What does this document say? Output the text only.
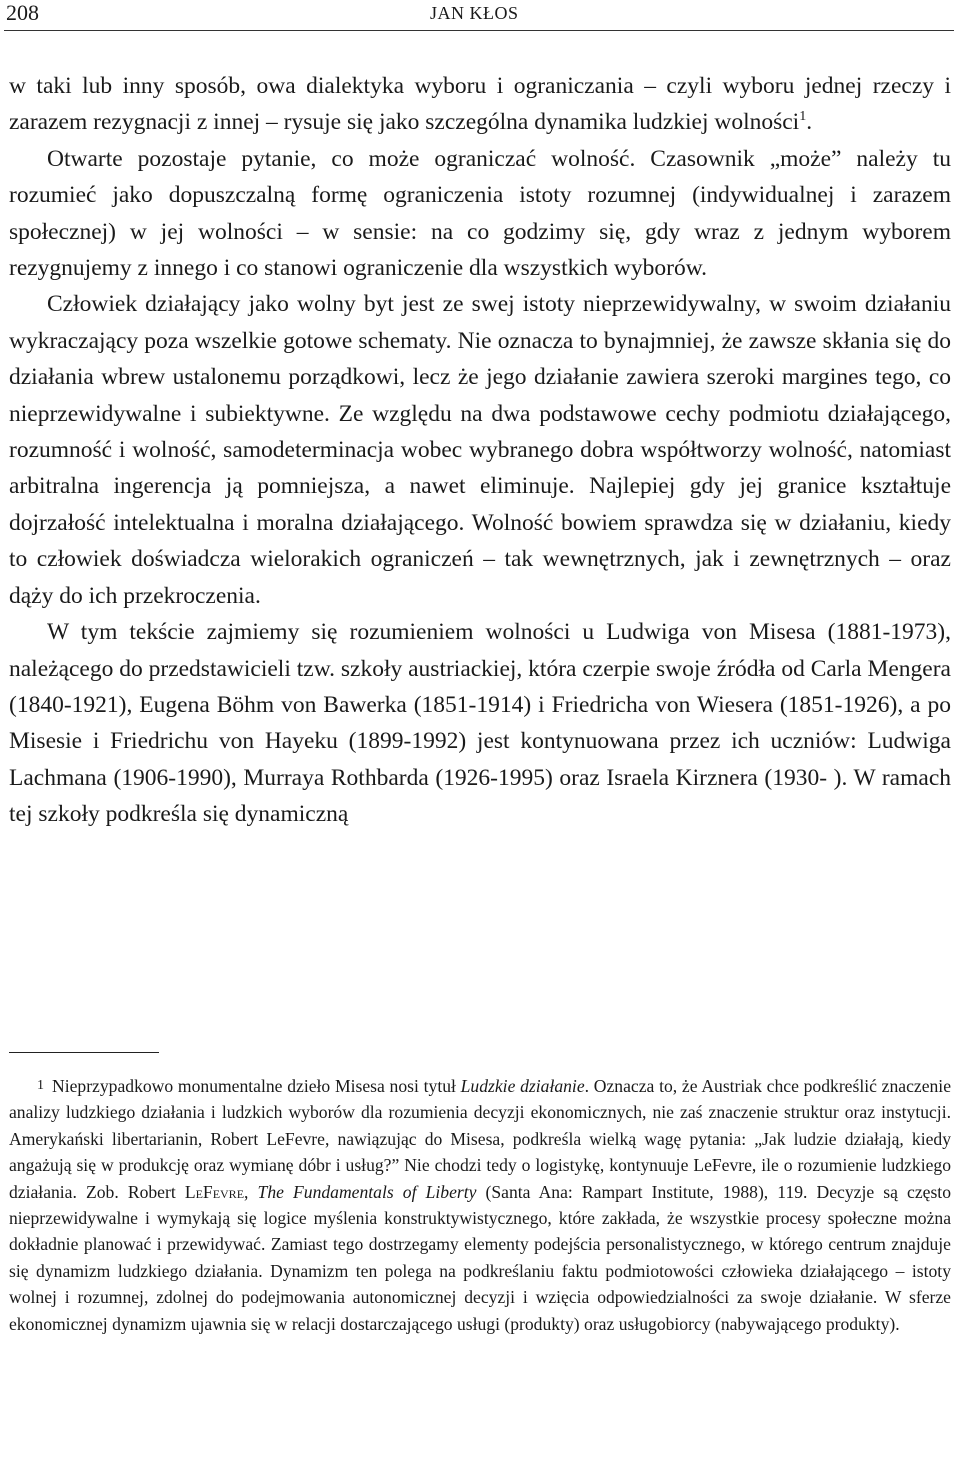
208	JAN KŁOS

w taki lub inny sposób, owa dialektyka wyboru i ograniczania – czyli wyboru jednej rzeczy i zarazem rezygnacji z innej – rysuje się jako szczególna dynamika ludzkiej wolności$^1$.

Otwarte pozostaje pytanie, co może ograniczać wolność. Czasownik „może” należy tu rozumieć jako dopuszczalną formę ograniczenia istoty rozumnej (indywidualnej i zarazem społecznej) w jej wolności – w sensie: na co godzimy się, gdy wraz z jednym wyborem rezygnujemy z innego i co stanowi ograniczenie dla wszystkich wyborów.

Człowiek działający jako wolny byt jest ze swej istoty nieprzewidywalny, w swoim działaniu wykraczający poza wszelkie gotowe schematy. Nie oznacza to bynajmniej, że zawsze skłania się do działania wbrew ustalonemu porządkowi, lecz że jego działanie zawiera szeroki margines tego, co nieprzewidywalne i subiektywne. Ze względu na dwa podstawowe cechy podmiotu działającego, rozumność i wolność, samodeterminacja wobec wybranego dobra współtworzy wolność, natomiast arbitralna ingerencja ją pomniejsza, a nawet eliminuje. Najlepiej gdy jej granice kształtuje dojrzałość intelektualna i moralna działającego. Wolność bowiem sprawdza się w działaniu, kiedy to człowiek doświadcza wielorakich ograniczeń – tak wewnętrznych, jak i zewnętrznych – oraz dąży do ich przekroczenia.

W tym tekście zajmiemy się rozumieniem wolności u Ludwiga von Misesa (1881-1973), należącego do przedstawicieli tzw. szkoły austriackiej, która czerpie swoje źródła od Carla Mengera (1840-1921), Eugena Böhm von Bawerka (1851-1914) i Friedricha von Wiesera (1851-1926), a po Misesie i Friedrichu von Hayeku (1899-1992) jest kontynuowana przez ich uczniów: Ludwiga Lachmana (1906-1990), Murraya Rothbarda (1926-1995) oraz Israela Kirznera (1930- ). W ramach tej szkoły podkreśla się dynamiczną

$^1$ Nieprzypadkowo monumentalne dzieło Misesa nosi tytuł Ludzkie działanie. Oznacza to, że Austriak chce podkreślić znaczenie analizy ludzkiego działania i ludzkich wyborów dla rozumienia decyzji ekonomicznych, nie zaś znaczenie struktur oraz instytucji. Amerykański libertarianin, Robert LeFevre, nawiązując do Misesa, podkreśla wielką wagę pytania: „Jak ludzie działają, kiedy angażują się w produkcję oraz wymianę dóbr i usług?” Nie chodzi tedy o logistykę, kontynuuje LeFevre, ile o rozumienie ludzkiego działania. Zob. Robert LeFevre, The Fundamentals of Liberty (Santa Ana: Rampart Institute, 1988), 119. Decyzje są często nieprzewidywalne i wymykają się logice myślenia konstruktywistycznego, które zakłada, że wszystkie procesy społeczne można dokładnie planować i przewidywać. Zamiast tego dostrzegamy elementy podejścia personalistycznego, w którego centrum znajduje się dynamizm ludzkiego działania. Dynamizm ten polega na podkreślaniu faktu podmiotowości człowieka działającego – istoty wolnej i rozumnej, zdolnej do podejmowania autonomicznej decyzji i wzięcia odpowiedzialności za swoje działanie. W sferze ekonomicznej dynamizm ujawnia się w relacji dostarczającego usługi (produkty) oraz usługobiorcy (nabywającego produkty).
